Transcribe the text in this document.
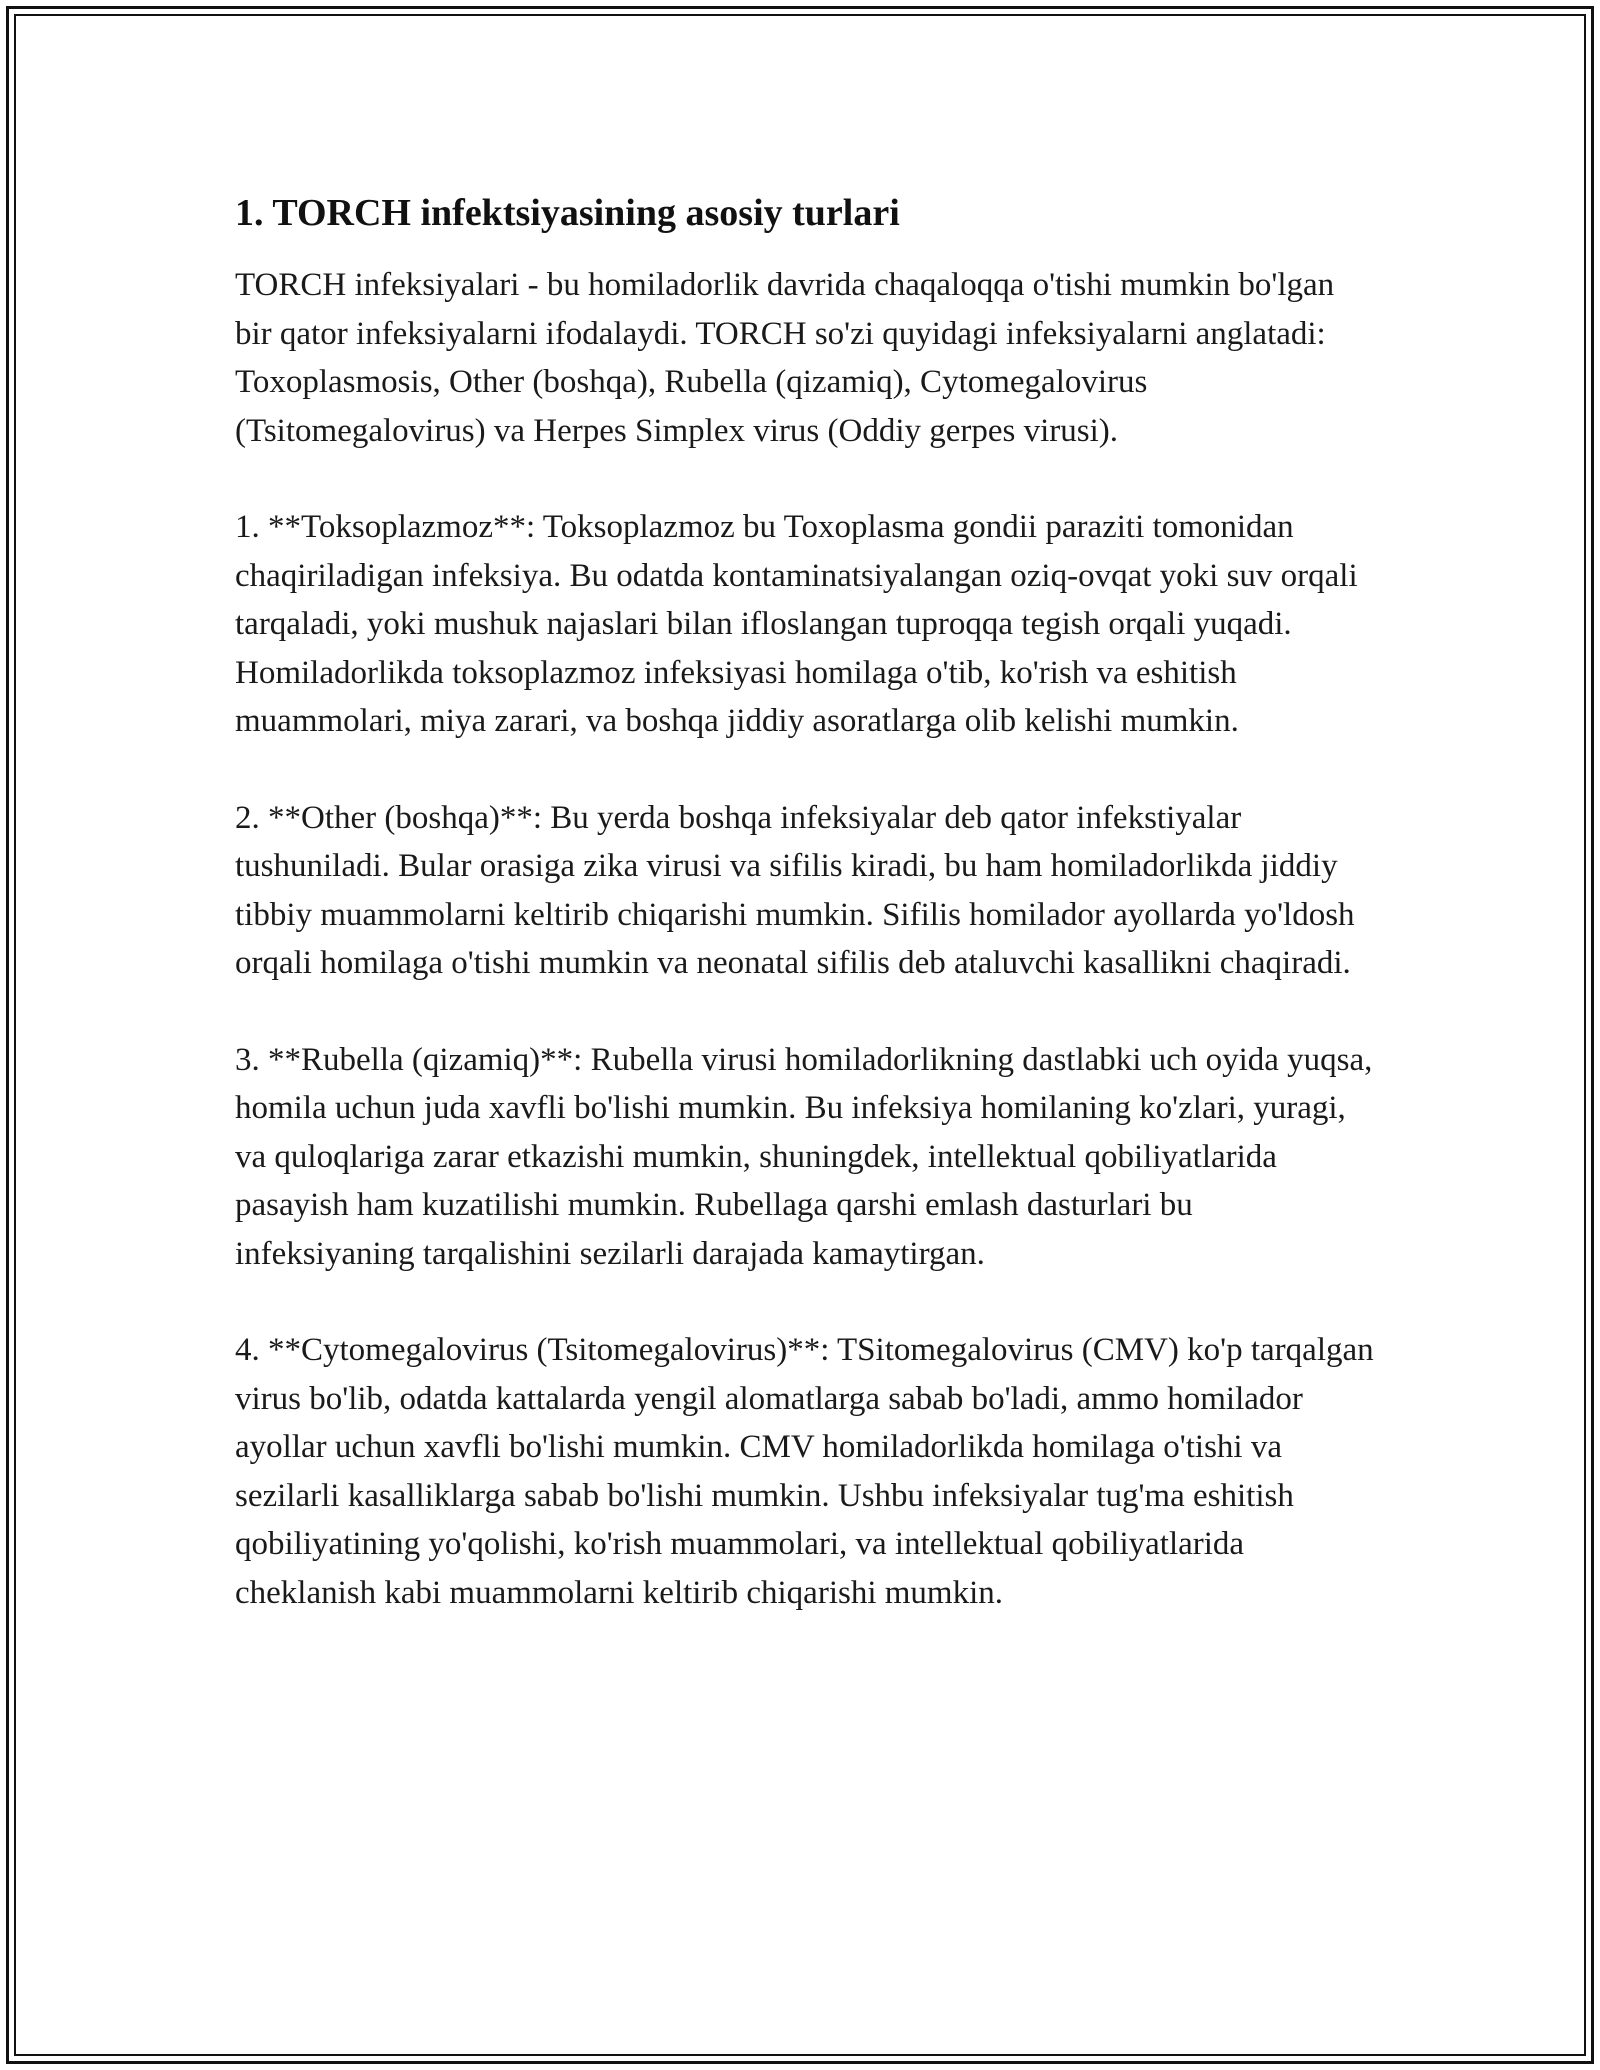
1. TORCH infektsiyasining asosiy turlari

TORCH infeksiyalari - bu homiladorlik davrida chaqaloqqa o'tishi mumkin bo'lgan bir qator infeksiyalarni ifodalaydi. TORCH so'zi quyidagi infeksiyalarni anglatadi: Toxoplasmosis, Other (boshqa), Rubella (qizamiq), Cytomegalovirus (Tsitomegalovirus) va Herpes Simplex virus (Oddiy gerpes virusi).

1. **Toksoplazmoz**: Toksoplazmoz bu Toxoplasma gondii paraziti tomonidan chaqiriladigan infeksiya. Bu odatda kontaminatsiyalangan oziq-ovqat yoki suv orqali tarqaladi, yoki mushuk najaslari bilan ifloslangan tuproqqa tegish orqali yuqadi. Homiladorlikda toksoplazmoz infeksiyasi homilaga o'tib, ko'rish va eshitish muammolari, miya zarari, va boshqa jiddiy asoratlarga olib kelishi mumkin.

2. **Other (boshqa)**: Bu yerda boshqa infeksiyalar deb qator infekstiyalar tushuniladi. Bular orasiga zika virusi va sifilis kiradi, bu ham homiladorlikda jiddiy tibbiy muammolarni keltirib chiqarishi mumkin. Sifilis homilador ayollarda yo'ldosh orqali homilaga o'tishi mumkin va neonatal sifilis deb ataluvchi kasallikni chaqiradi.

3. **Rubella (qizamiq)**: Rubella virusi homiladorlikning dastlabki uch oyida yuqsa, homila uchun juda xavfli bo'lishi mumkin. Bu infeksiya homilaning ko'zlari, yuragi, va quloqlariga zarar etkazishi mumkin, shuningdek, intellektual qobiliyatlarida pasayish ham kuzatilishi mumkin. Rubellaga qarshi emlash dasturlari bu infeksiyaning tarqalishini sezilarli darajada kamaytirgan.

4. **Cytomegalovirus (Tsitomegalovirus)**: TSitomegalovirus (CMV) ko'p tarqalgan virus bo'lib, odatda kattalarda yengil alomatlarga sabab bo'ladi, ammo homilador ayollar uchun xavfli bo'lishi mumkin. CMV homiladorlikda homilaga o'tishi va sezilarli kasalliklarga sabab bo'lishi mumkin. Ushbu infeksiyalar tug'ma eshitish qobiliyatining yo'qolishi, ko'rish muammolari, va intellektual qobiliyatlarida cheklanish kabi muammolarni keltirib chiqarishi mumkin.
